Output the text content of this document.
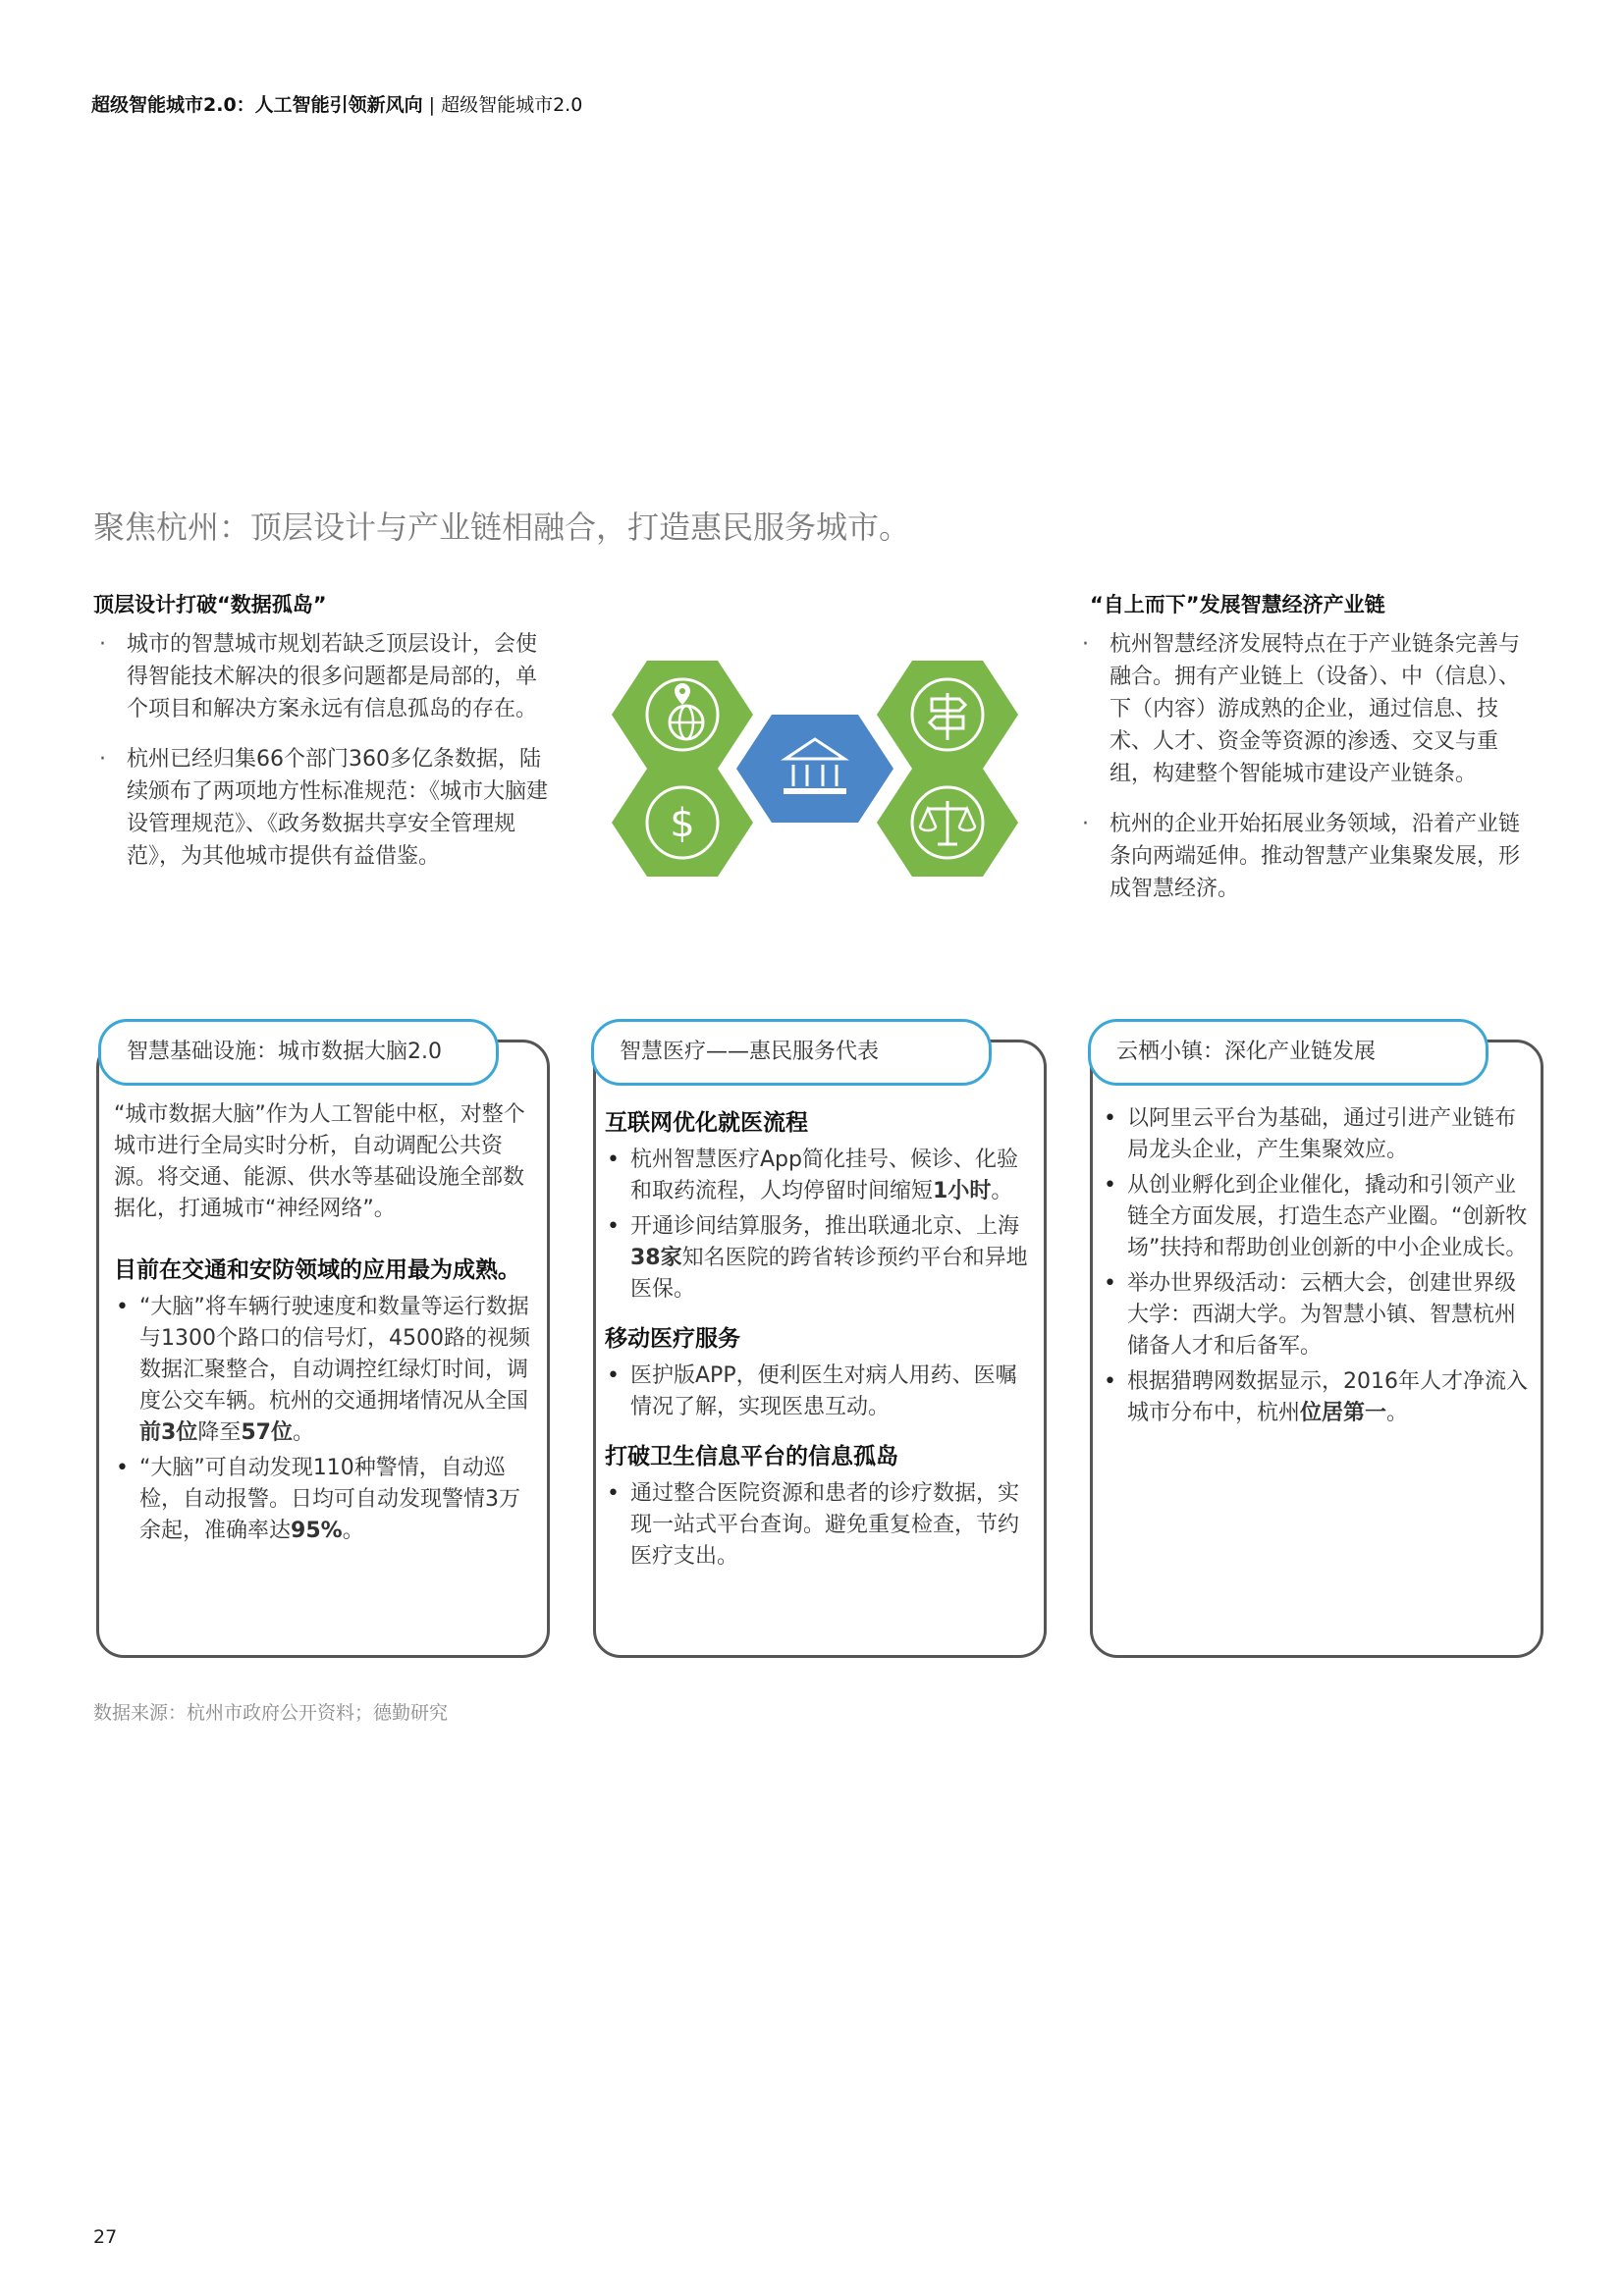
超级智能城市2.0：人工智能引领新风向 | 超级智能城市2.0
聚焦杭州：顶层设计与产业链相融合，打造惠民服务城市。
顶层设计打破“数据孤岛”
· 城市的智慧城市规划若缺乏顶层设计，会使得智能技术解决的很多问题都是局部的，单个项目和解决方案永远有信息孤岛的存在。
· 杭州已经归集66个部门360多亿条数据，陆续颁布了两项地方性标准规范：《城市大脑建设管理规范》、《政务数据共享安全管理规范》，为其他城市提供有益借鉴。
“自上而下”发展智慧经济产业链
· 杭州智慧经济发展特点在于产业链条完善与融合。拥有产业链上（设备）、中（信息）、下（内容）游成熟的企业，通过信息、技术、人才、资金等资源的渗透、交叉与重组，构建整个智能城市建设产业链条。
· 杭州的企业开始拓展业务领域，沿着产业链条向两端延伸。推动智慧产业集聚发展，形成智慧经济。
$
智慧基础设施：城市数据大脑2.0
“城市数据大脑”作为人工智能中枢，对整个城市进行全局实时分析，自动调配公共资源。将交通、能源、供水等基础设施全部数据化，打通城市“神经网络”。
目前在交通和安防领域的应用最为成熟。
• “大脑”将车辆行驶速度和数量等运行数据与1300个路口的信号灯，4500路的视频数据汇聚整合，自动调控红绿灯时间，调度公交车辆。杭州的交通拥堵情况从全国前3位降至57位。
• “大脑”可自动发现110种警情，自动巡检，自动报警。日均可自动发现警情3万余起，准确率达95%。
智慧医疗——惠民服务代表
互联网优化就医流程
• 杭州智慧医疗App简化挂号、候诊、化验和取药流程，人均停留时间缩短1小时。
• 开通诊间结算服务，推出联通北京、上海38家知名医院的跨省转诊预约平台和异地医保。
移动医疗服务
• 医护版APP，便利医生对病人用药、医嘱情况了解，实现医患互动。
打破卫生信息平台的信息孤岛
• 通过整合医院资源和患者的诊疗数据，实现一站式平台查询。避免重复检查，节约医疗支出。
云栖小镇：深化产业链发展
• 以阿里云平台为基础，通过引进产业链布局龙头企业，产生集聚效应。
• 从创业孵化到企业催化，撬动和引领产业链全方面发展，打造生态产业圈。“创新牧场”扶持和帮助创业创新的中小企业成长。
• 举办世界级活动：云栖大会，创建世界级大学：西湖大学。为智慧小镇、智慧杭州储备人才和后备军。
• 根据猎聘网数据显示，2016年人才净流入城市分布中，杭州位居第一。
数据来源：杭州市政府公开资料；德勤研究
27
